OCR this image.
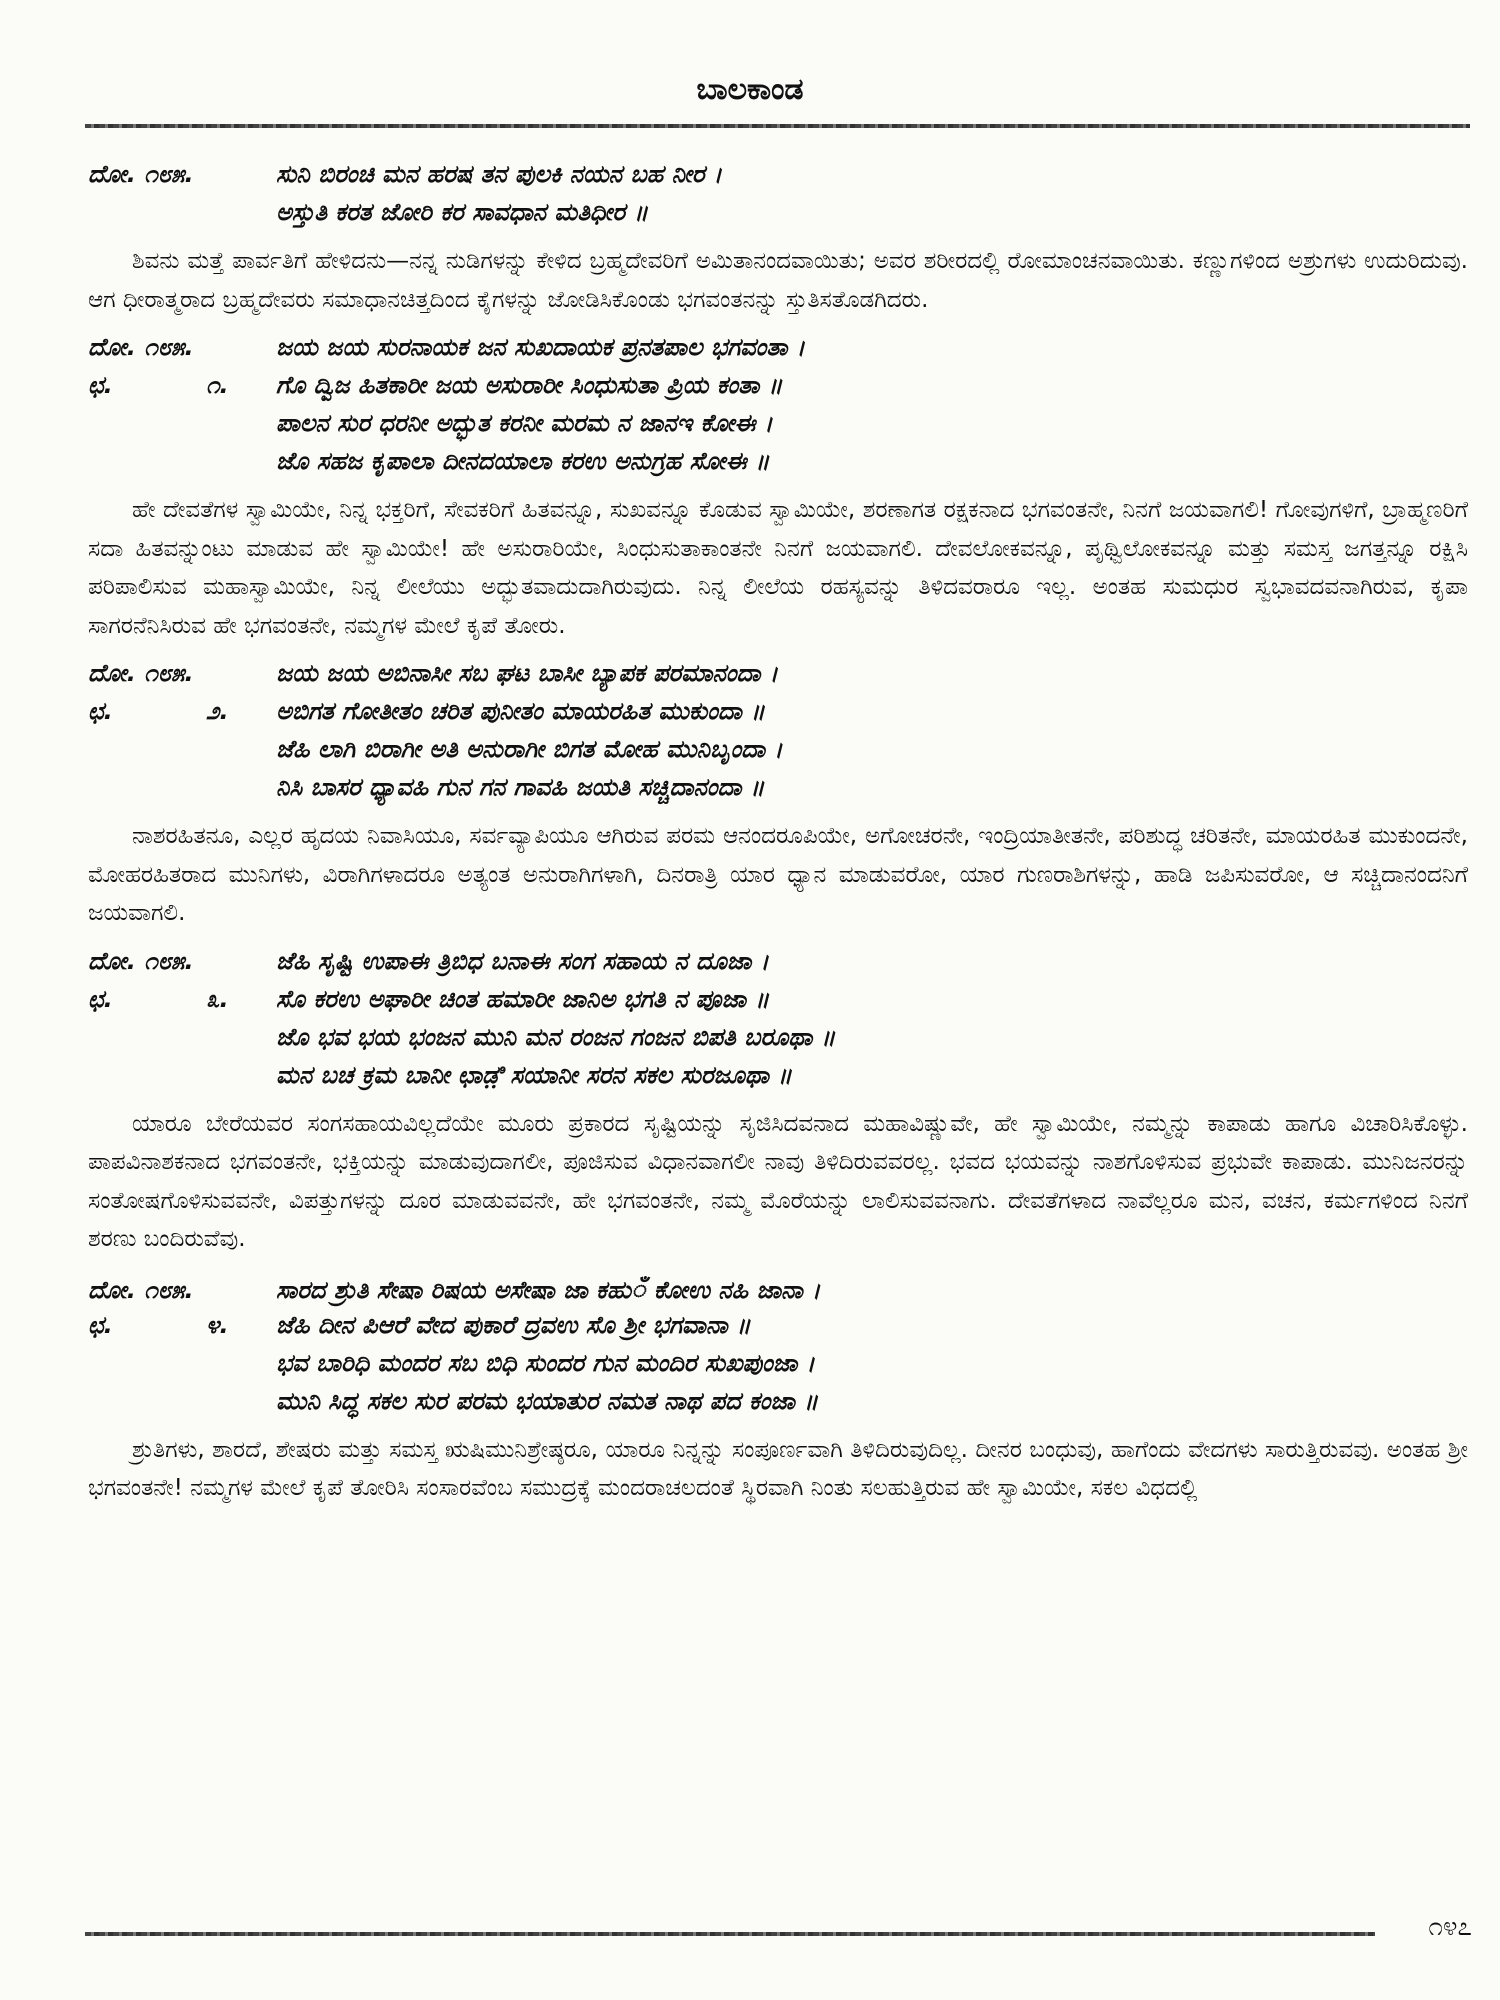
ಬಾಲಕಾಂಡ
ದೋ. ೧೮೫.	ಸುನಿ ಬಿರಂಚಿ ಮನ ಹರಷ ತನ ಪುಲಕಿ ನಯನ ಬಹ ನೀರ ।
ಅಸ್ತುತಿ ಕರತ ಜೋರಿ ಕರ ಸಾವಧಾನ ಮತಿಧೀರ ॥

ಶಿವನು ಮತ್ತೆ ಪಾರ್ವತಿಗೆ ಹೇಳಿದನು—ನನ್ನ ನುಡಿಗಳನ್ನು ಕೇಳಿದ ಬ್ರಹ್ಮದೇವರಿಗೆ ಅಮಿತಾನಂದವಾಯಿತು; ಅವರ ಶರೀರದಲ್ಲಿ ರೋಮಾಂಚನವಾಯಿತು. ಕಣ್ಣುಗಳಿಂದ ಅಶ್ರುಗಳು ಉದುರಿದುವು. ಆಗ ಧೀರಾತ್ಮರಾದ ಬ್ರಹ್ಮದೇವರು ಸಮಾಧಾನಚಿತ್ತದಿಂದ ಕೈಗಳನ್ನು ಜೋಡಿಸಿಕೊಂಡು ಭಗವಂತನನ್ನು ಸ್ತುತಿಸತೊಡಗಿದರು.

ದೋ. ೧೮೫.	ಜಯ ಜಯ ಸುರನಾಯಕ ಜನ ಸುಖದಾಯಕ ಪ್ರನತಪಾಲ ಭಗವಂತಾ ।
ಛ.	೧.	ಗೊ ದ್ವಿಜ ಹಿತಕಾರೀ ಜಯ ಅಸುರಾರೀ ಸಿಂಧುಸುತಾ ಪ್ರಿಯ ಕಂತಾ ॥
ಪಾಲನ ಸುರ ಧರನೀ ಅದ್ಭುತ ಕರನೀ ಮರಮ ನ ಜಾನಇ ಕೋಈ ।
ಜೊ ಸಹಜ ಕೃಪಾಲಾ ದೀನದಯಾಲಾ ಕರಉ ಅನುಗ್ರಹ ಸೋಈ ॥

ಹೇ ದೇವತೆಗಳ ಸ್ವಾಮಿಯೇ, ನಿನ್ನ ಭಕ್ತರಿಗೆ, ಸೇವಕರಿಗೆ ಹಿತವನ್ನೂ, ಸುಖವನ್ನೂ ಕೊಡುವ ಸ್ವಾಮಿಯೇ, ಶರಣಾಗತ ರಕ್ಷಕನಾದ ಭಗವಂತನೇ, ನಿನಗೆ ಜಯವಾಗಲಿ! ಗೋವುಗಳಿಗೆ, ಬ್ರಾಹ್ಮಣರಿಗೆ ಸದಾ ಹಿತವನ್ನುಂಟು ಮಾಡುವ ಹೇ ಸ್ವಾಮಿಯೇ! ಹೇ ಅಸುರಾರಿಯೇ, ಸಿಂಧುಸುತಾಕಾಂತನೇ ನಿನಗೆ ಜಯವಾಗಲಿ. ದೇವಲೋಕವನ್ನೂ, ಪೃಥ್ವಿಲೋಕವನ್ನೂ ಮತ್ತು ಸಮಸ್ತ ಜಗತ್ತನ್ನೂ ರಕ್ಷಿಸಿ ಪರಿಪಾಲಿಸುವ ಮಹಾಸ್ವಾಮಿಯೇ, ನಿನ್ನ ಲೀಲೆಯು ಅದ್ಭುತವಾದುದಾಗಿರುವುದು. ನಿನ್ನ ಲೀಲೆಯ ರಹಸ್ಯವನ್ನು ತಿಳಿದವರಾರೂ ಇಲ್ಲ. ಅಂತಹ ಸುಮಧುರ ಸ್ವಭಾವದವನಾಗಿರುವ, ಕೃಪಾ ಸಾಗರನೆನಿಸಿರುವ ಹೇ ಭಗವಂತನೇ, ನಮ್ಮಗಳ ಮೇಲೆ ಕೃಪೆ ತೋರು.

ದೋ. ೧೮೫.	ಜಯ ಜಯ ಅಬಿನಾಸೀ ಸಬ ಘಟ ಬಾಸೀ ಬ್ಯಾಪಕ ಪರಮಾನಂದಾ ।
ಛ.	೨.	ಅಬಿಗತ ಗೋತೀತಂ ಚರಿತ ಪುನೀತಂ ಮಾಯರಹಿತ ಮುಕುಂದಾ ॥
ಜೆಹಿ ಲಾಗಿ ಬಿರಾಗೀ ಅತಿ ಅನುರಾಗೀ ಬಿಗತ ಮೋಹ ಮುನಿಬೃಂದಾ ।
ನಿಸಿ ಬಾಸರ ಧ್ಯಾವಹಿ ಗುನ ಗನ ಗಾವಹಿ ಜಯತಿ ಸಚ್ಚಿದಾನಂದಾ ॥

ನಾಶರಹಿತನೂ, ಎಲ್ಲರ ಹೃದಯ ನಿವಾಸಿಯೂ, ಸರ್ವವ್ಯಾಪಿಯೂ ಆಗಿರುವ ಪರಮ ಆನಂದರೂಪಿಯೇ, ಅಗೋಚರನೇ, ಇಂದ್ರಿಯಾತೀತನೇ, ಪರಿಶುದ್ಧ ಚರಿತನೇ, ಮಾಯರಹಿತ ಮುಕುಂದನೇ, ಮೋಹರಹಿತರಾದ ಮುನಿಗಳು, ವಿರಾಗಿಗಳಾದರೂ ಅತ್ಯಂತ ಅನುರಾಗಿಗಳಾಗಿ, ದಿನರಾತ್ರಿ ಯಾರ ಧ್ಯಾನ ಮಾಡುವರೋ, ಯಾರ ಗುಣರಾಶಿಗಳನ್ನು, ಹಾಡಿ ಜಪಿಸುವರೋ, ಆ ಸಚ್ಚಿದಾನಂದನಿಗೆ ಜಯವಾಗಲಿ.

ದೋ. ೧೮೫.	ಜೆಹಿ ಸೃಷ್ಟಿ ಉಪಾಈ ತ್ರಿಬಿಧ ಬನಾಈ ಸಂಗ ಸಹಾಯ ನ ದೂಜಾ ।
ಛ.	೩.	ಸೊ ಕರಉ ಅಘಾರೀ ಚಿಂತ ಹಮಾರೀ ಜಾನಿಅ ಭಗತಿ ನ ಪೂಜಾ ॥
ಜೊ ಭವ ಭಯ ಭಂಜನ ಮುನಿ ಮನ ರಂಜನ ಗಂಜನ ಬಿಪತಿ ಬರೂಥಾ ॥
ಮನ ಬಚ ಕ್ರಮ ಬಾನೀ ಛಾಡ಼ಿ ಸಯಾನೀ ಸರನ ಸಕಲ ಸುರಜೂಥಾ ॥

ಯಾರೂ ಬೇರೆಯವರ ಸಂಗಸಹಾಯವಿಲ್ಲದೆಯೇ ಮೂರು ಪ್ರಕಾರದ ಸೃಷ್ಟಿಯನ್ನು ಸೃಜಿಸಿದವನಾದ ಮಹಾವಿಷ್ಣುವೇ, ಹೇ ಸ್ವಾಮಿಯೇ, ನಮ್ಮನ್ನು ಕಾಪಾಡು ಹಾಗೂ ವಿಚಾರಿಸಿಕೊಳ್ಳು. ಪಾಪವಿನಾಶಕನಾದ ಭಗವಂತನೇ, ಭಕ್ತಿಯನ್ನು ಮಾಡುವುದಾಗಲೀ, ಪೂಜಿಸುವ ವಿಧಾನವಾಗಲೀ ನಾವು ತಿಳಿದಿರುವವರಲ್ಲ. ಭವದ ಭಯವನ್ನು ನಾಶಗೊಳಿಸುವ ಪ್ರಭುವೇ ಕಾಪಾಡು. ಮುನಿಜನರನ್ನು ಸಂತೋಷಗೊಳಿಸುವವನೇ, ವಿಪತ್ತುಗಳನ್ನು ದೂರ ಮಾಡುವವನೇ, ಹೇ ಭಗವಂತನೇ, ನಮ್ಮ ಮೊರೆಯನ್ನು ಲಾಲಿಸುವವನಾಗು. ದೇವತೆಗಳಾದ ನಾವೆಲ್ಲರೂ ಮನ, ವಚನ, ಕರ್ಮಗಳಿಂದ ನಿನಗೆ ಶರಣು ಬಂದಿರುವೆವು.

ದೋ. ೧೮೫.	ಸಾರದ ಶ್ರುತಿ ಸೇಷಾ ರಿಷಯ ಅಸೇಷಾ ಜಾ ಕಹುँ ಕೋಉ ನಹಿ ಜಾನಾ ।
ಛ.	೪.	ಜೆಹಿ ದೀನ ಪಿಆರೆ ವೇದ ಪುಕಾರೆ ದ್ರವಉ ಸೊ ಶ್ರೀ ಭಗವಾನಾ ॥
ಭವ ಬಾರಿಧಿ ಮಂದರ ಸಬ ಬಿಧಿ ಸುಂದರ ಗುನ ಮಂದಿರ ಸುಖಪುಂಜಾ ।
ಮುನಿ ಸಿದ್ಧ ಸಕಲ ಸುರ ಪರಮ ಭಯಾತುರ ನಮತ ನಾಥ ಪದ ಕಂಜಾ ॥

ಶ್ರುತಿಗಳು, ಶಾರದೆ, ಶೇಷರು ಮತ್ತು ಸಮಸ್ತ ಋಷಿಮುನಿಶ್ರೇಷ್ಠರೂ, ಯಾರೂ ನಿನ್ನನ್ನು ಸಂಪೂರ್ಣವಾಗಿ ತಿಳಿದಿರುವುದಿಲ್ಲ. ದೀನರ ಬಂಧುವು, ಹಾಗೆಂದು ವೇದಗಳು ಸಾರುತ್ತಿರುವವು. ಅಂತಹ ಶ್ರೀ ಭಗವಂತನೇ! ನಮ್ಮಗಳ ಮೇಲೆ ಕೃಪೆ ತೋರಿಸಿ ಸಂಸಾರವೆಂಬ ಸಮುದ್ರಕ್ಕೆ ಮಂದರಾಚಲದಂತೆ ಸ್ಥಿರವಾಗಿ ನಿಂತು ಸಲಹುತ್ತಿರುವ ಹೇ ಸ್ವಾಮಿಯೇ, ಸಕಲ ವಿಧದಲ್ಲಿ

೧೪೭
